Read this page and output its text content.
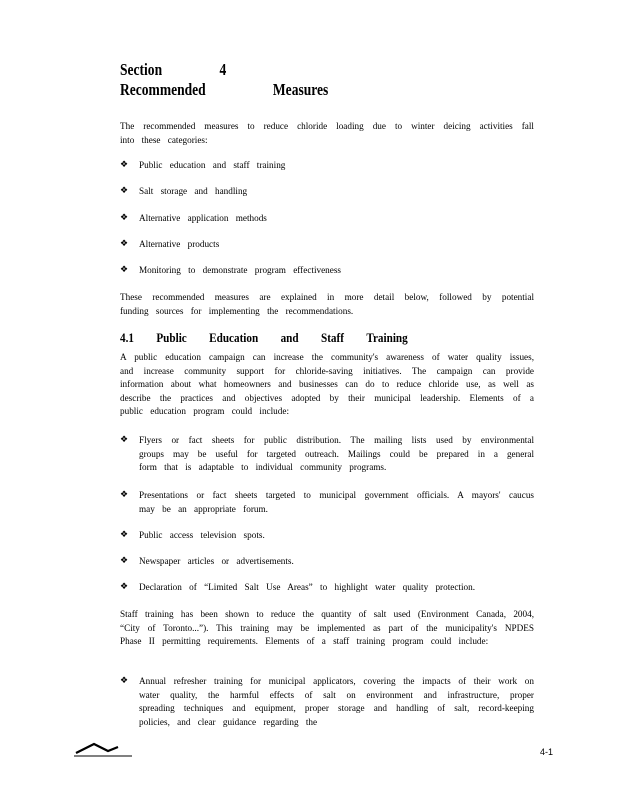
Section	4
Recommended	Measures

The recommended measures to reduce chloride loading due to winter deicing activities fall into these categories:

❖ Public education and staff training
❖ Salt storage and handling
❖ Alternative application methods
❖ Alternative products
❖ Monitoring to demonstrate program effectiveness

These recommended measures are explained in more detail below, followed by potential funding sources for implementing the recommendations.

4.1 Public Education and Staff Training

A public education campaign can increase the community's awareness of water quality issues, and increase community support for chloride-saving initiatives. The campaign can provide information about what homeowners and businesses can do to reduce chloride use, as well as describe the practices and objectives adopted by their municipal leadership. Elements of a public education program could include:

❖ Flyers or fact sheets for public distribution. The mailing lists used by environmental groups may be useful for targeted outreach. Mailings could be prepared in a general form that is adaptable to individual community programs.
❖ Presentations or fact sheets targeted to municipal government officials. A mayors' caucus may be an appropriate forum.
❖ Public access television spots.
❖ Newspaper articles or advertisements.
❖ Declaration of “Limited Salt Use Areas” to highlight water quality protection.

Staff training has been shown to reduce the quantity of salt used (Environment Canada, 2004, “City of Toronto...”). This training may be implemented as part of the municipality's NPDES Phase II permitting requirements. Elements of a staff training program could include:

❖ Annual refresher training for municipal applicators, covering the impacts of their work on water quality, the harmful effects of salt on environment and infrastructure, proper spreading techniques and equipment, proper storage and handling of salt, record-keeping policies, and clear guidance regarding the
4-1
